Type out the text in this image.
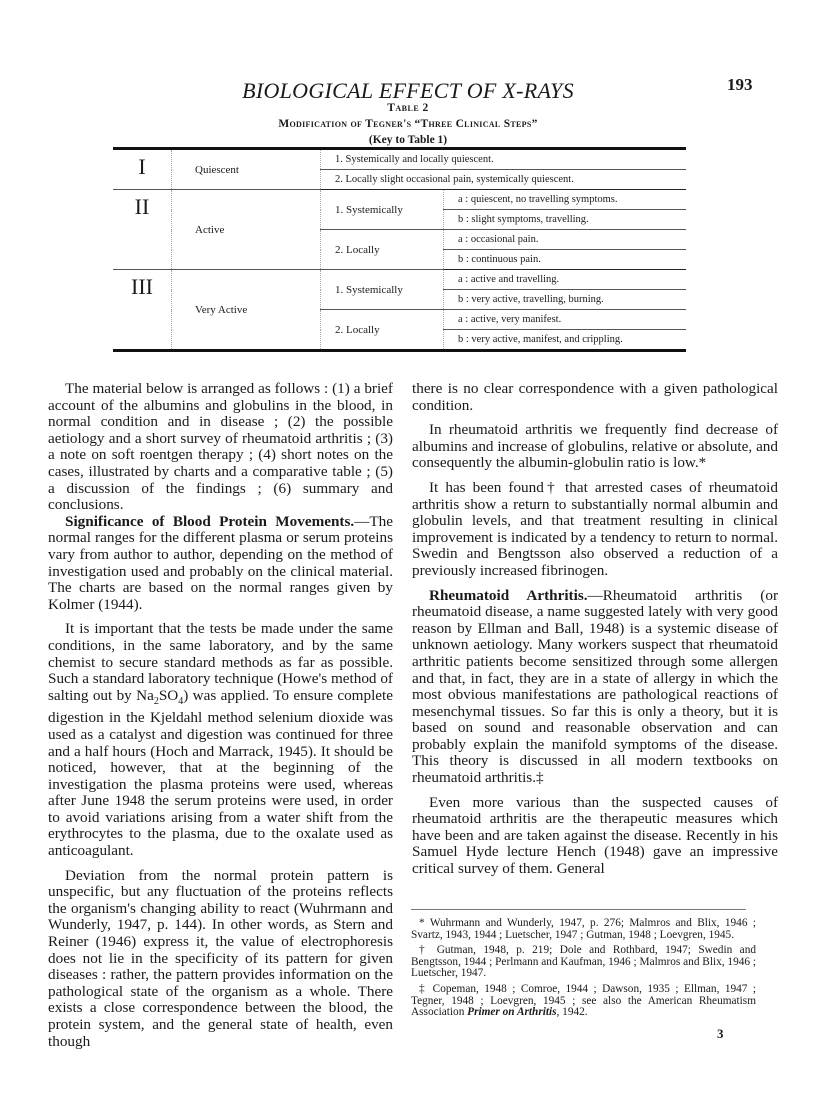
BIOLOGICAL EFFECT OF X-RAYS	193
Table 2
Modification of Tegner's “Three Clinical Steps”
(Key to Table 1)
I	Quiescent	1. Systemically and locally quiescent.	
		2. Locally slight occasional pain, systemically quiescent.	
II	Active	1. Systemically	a : quiescent, no travelling symptoms.
			b : slight symptoms, travelling.
		2. Locally	a : occasional pain.
			b : continuous pain.
III	Very Active	1. Systemically	a : active and travelling.
			b : very active, travelling, burning.
		2. Locally	a : active, very manifest.
			b : very active, manifest, and crippling.

The material below is arranged as follows : (1) a brief account of the albumins and globulins in the blood, in normal condition and in disease ; (2) the possible aetiology and a short survey of rheumatoid arthritis ; (3) a note on soft roentgen therapy ; (4) short notes on the cases, illustrated by charts and a comparative table ; (5) a discussion of the findings ; (6) summary and conclusions.

Significance of Blood Protein Movements.—The normal ranges for the different plasma or serum proteins vary from author to author, depending on the method of investigation used and probably on the clinical material. The charts are based on the normal ranges given by Kolmer (1944).

It is important that the tests be made under the same conditions, in the same laboratory, and by the same chemist to secure standard methods as far as possible. Such a standard laboratory technique (Howe's method of salting out by $Na_2SO_4$) was applied. To ensure complete digestion in the Kjeldahl method selenium dioxide was used as a catalyst and digestion was continued for three and a half hours (Hoch and Marrack, 1945). It should be noticed, however, that at the beginning of the investigation the plasma proteins were used, whereas after June 1948 the serum proteins were used, in order to avoid variations arising from a water shift from the erythrocytes to the plasma, due to the oxalate used as anticoagulant.

Deviation from the normal protein pattern is unspecific, but any fluctuation of the proteins reflects the organism's changing ability to react (Wuhrmann and Wunderly, 1947, p. 144). In other words, as Stern and Reiner (1946) express it, the value of electrophoresis does not lie in the specificity of its pattern for given diseases : rather, the pattern provides information on the pathological state of the organism as a whole. There exists a close correspondence between the blood, the protein system, and the general state of health, even though

there is no clear correspondence with a given pathological condition.

In rheumatoid arthritis we frequently find decrease of albumins and increase of globulins, relative or absolute, and consequently the albumin-globulin ratio is low.*

It has been found† that arrested cases of rheumatoid arthritis show a return to substantially normal albumin and globulin levels, and that treatment resulting in clinical improvement is indicated by a tendency to return to normal. Swedin and Bengtsson also observed a reduction of a previously increased fibrinogen.

Rheumatoid Arthritis.—Rheumatoid arthritis (or rheumatoid disease, a name suggested lately with very good reason by Ellman and Ball, 1948) is a systemic disease of unknown aetiology. Many workers suspect that rheumatoid arthritic patients become sensitized through some allergen and that, in fact, they are in a state of allergy in which the most obvious manifestations are pathological reactions of mesenchymal tissues. So far this is only a theory, but it is based on sound and reasonable observation and can probably explain the manifold symptoms of the disease. This theory is discussed in all modern textbooks on rheumatoid arthritis.‡

Even more various than the suspected causes of rheumatoid arthritis are the therapeutic measures which have been and are taken against the disease. Recently in his Samuel Hyde lecture Hench (1948) gave an impressive critical survey of them. General

* Wuhrmann and Wunderly, 1947, p. 276; Malmros and Blix, 1946 ; Svartz, 1943, 1944 ; Luetscher, 1947 ; Gutman, 1948 ; Loevgren, 1945.

† Gutman, 1948, p. 219; Dole and Rothbard, 1947; Swedin and Bengtsson, 1944 ; Perlmann and Kaufman, 1946 ; Malmros and Blix, 1946 ; Luetscher, 1947.

‡ Copeman, 1948 ; Comroe, 1944 ; Dawson, 1935 ; Ellman, 1947 ; Tegner, 1948 ; Loevgren, 1945 ; see also the American Rheumatism Association Primer on Arthritis, 1942.

3
